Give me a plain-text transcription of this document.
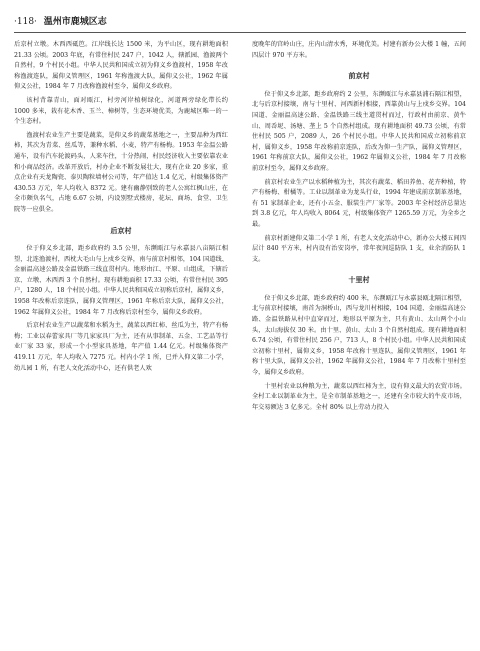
·118· 温州市鹿城区志

后京村立墩。木西西砥笆。江岸线长达 1500 米，为平山区，现有耕地面积 21.33 公顷。2003 年底，有常住村民 247 户，1042 人，辖派园、渔渡两个自然村，9 个村民小组。中华人民共和国成立初为仰义乡渔渡村，1958 年改称渔渡连队，属仰义管理区，1961 年称渔渡大队，属仰义公社，1962 年属仰义公社，1984 年 7 月改称渔渡村至今，属仰义乡政府。

该村背靠青山，面对瓯江，村旁河岸植树绿化，河道两旁绿化带长约 1000 多米，栽有花木香、玉兰、樟树等，生态环境优美，为鹿城区唯一的一个生态村。

渔渡村农业生产主要是蔬菜，是仰义乡的蔬菜基地之一，主要品种为西红柿，其次为青菜、丝瓜等，兼种水稻、小麦，特产有杨梅。1953 年金温公路通车，设有汽车轮渡码头，人来车往，十分热闹，村民经济收入主要依靠农业和小商品经济。改革开放后，村办企业不断发展壮大，现有企业 20 多家，重点企业有天龙陶瓷、泰贝陶粒墙材公司等，年产值达 1.4 亿元，村级集体资产 430.53 万元，年人均收入 8372 元。建有幽静别致的老人公寓红枫山庄，在全市颇负名气，占地 6.67 公顷，内设别墅式楼房，花坛、商场、食堂、卫生院等一应俱全。

后京村

位于仰义乡北部，距乡政府约 3.5 公里，东濒瓯江与永嘉县八亩隔江相望，北连渔渡村，西枕大毛山与上戍乡交界，南与前京村相邻，104 国道线、金丽温高速公路及金温铁路三线直贯村内。地形由江、平原、山组成，下辖后京、立墩、木西西 3 个自然村。现有耕地面积 17.33 公顷，有常住村民 395 户，1280 人，18 个村民小组。中华人民共和国成立初称后京村，属仰义乡，1958 年改称后京连队，属仰义管理区，1961 年称后京大队，属仰义公社，1962 年属仰义公社，1984 年 7 月改称后京村至今，属仰义乡政府。

后京村农业生产以蔬菜和水稻为主，蔬菜以西红柿、丝瓜为主，特产有杨梅；工业以春蕾家具厂等几家家具厂为主，还有从事制革、五金、工艺品等行业厂家 33 家，形成一个小型家具基地，年产值 1.44 亿元。村级集体资产 419.11 万元，年人均收入 7275 元。村内小学 1 所，已并入仰义第二小学，幼儿园 1 所，有老人文化活动中心，还有供老人欢

度晚年的宫岭山庄，庄内山清水秀，环境优美。村建有新办公大楼 1 幢，五间四层计 970 平方米。

前京村

位于仰义乡北部，距乡政府约 2 公里，东濒瓯江与永嘉县浦石隔江相望，北与后京村接壤，南与十里村、河西新村相接，西靠黄山与上戍乡交界。104 国道、金丽温高速公路、金温铁路三线主道贯村而过，行政村由前京、黄牛山、周岙坭、汤塘、垄上 5 个自然村组成。现有耕地面积 49.73 公顷，有常住村民 505 户，2089 人，26 个村民小组。中华人民共和国成立初称前京村，属仰义乡，1958 年改称前京连队，后改为仰一生产队，属仰义管理区，1961 年称前京大队，属仰义公社，1962 年属仰义公社，1984 年 7 月改称前京村至今，属仰义乡政府。

前京村农业生产以水稻种植为主，其次有蔬菜、稻田养鱼、花卉种植，特产有杨梅、柑橘等。工业以制革业为龙头行业，1994 年建成前京制革基地，有 51 家制革企业，还有小五金、服装生产厂家等。2003 年全村经济总量达到 3.8 亿元，年人均收入 8064 元，村级集体资产 1265.59 万元，为全乡之最。

前京村新建仰义第二小学 1 所，有老人文化活动中心，新办公大楼五间四层计 840 平方米，村内设有治安岗亭，常年夜间巡防队 1 支，业余消防队 1 支。

十里村

位于仰义乡北部，距乡政府约 400 米，东濒瓯江与永嘉县瓯北隔江相望，北与前京村接壤，南首为洞桥山，西与龙川村相接，104 国道、金丽温高速公路、金温铁路从村中直穿而过，地形以平原为主，只有黄山、太山两个小山头，太山海拔仅 30 米。由十里、黄山、太山 3 个自然村组成。现有耕地面积 6.74 公顷，有常住村民 256 户，713 人，8 个村民小组。中华人民共和国成立初称十里村，属仰义乡，1958 年改称十里连队，属仰义管理区，1961 年称十里大队，属仰义公社，1962 年属仰义公社，1984 年 7 月改称十里村至今，属仰义乡政府。

十里村农业以种粮为主，蔬菜以西红柿为主，设有仰义最大的农贸市场。全村工业以制革业为主，是全市制革基地之一，还建有全市较大的牛皮市场，年交易额达 3 亿多元。全村 80% 以上劳动力投入
